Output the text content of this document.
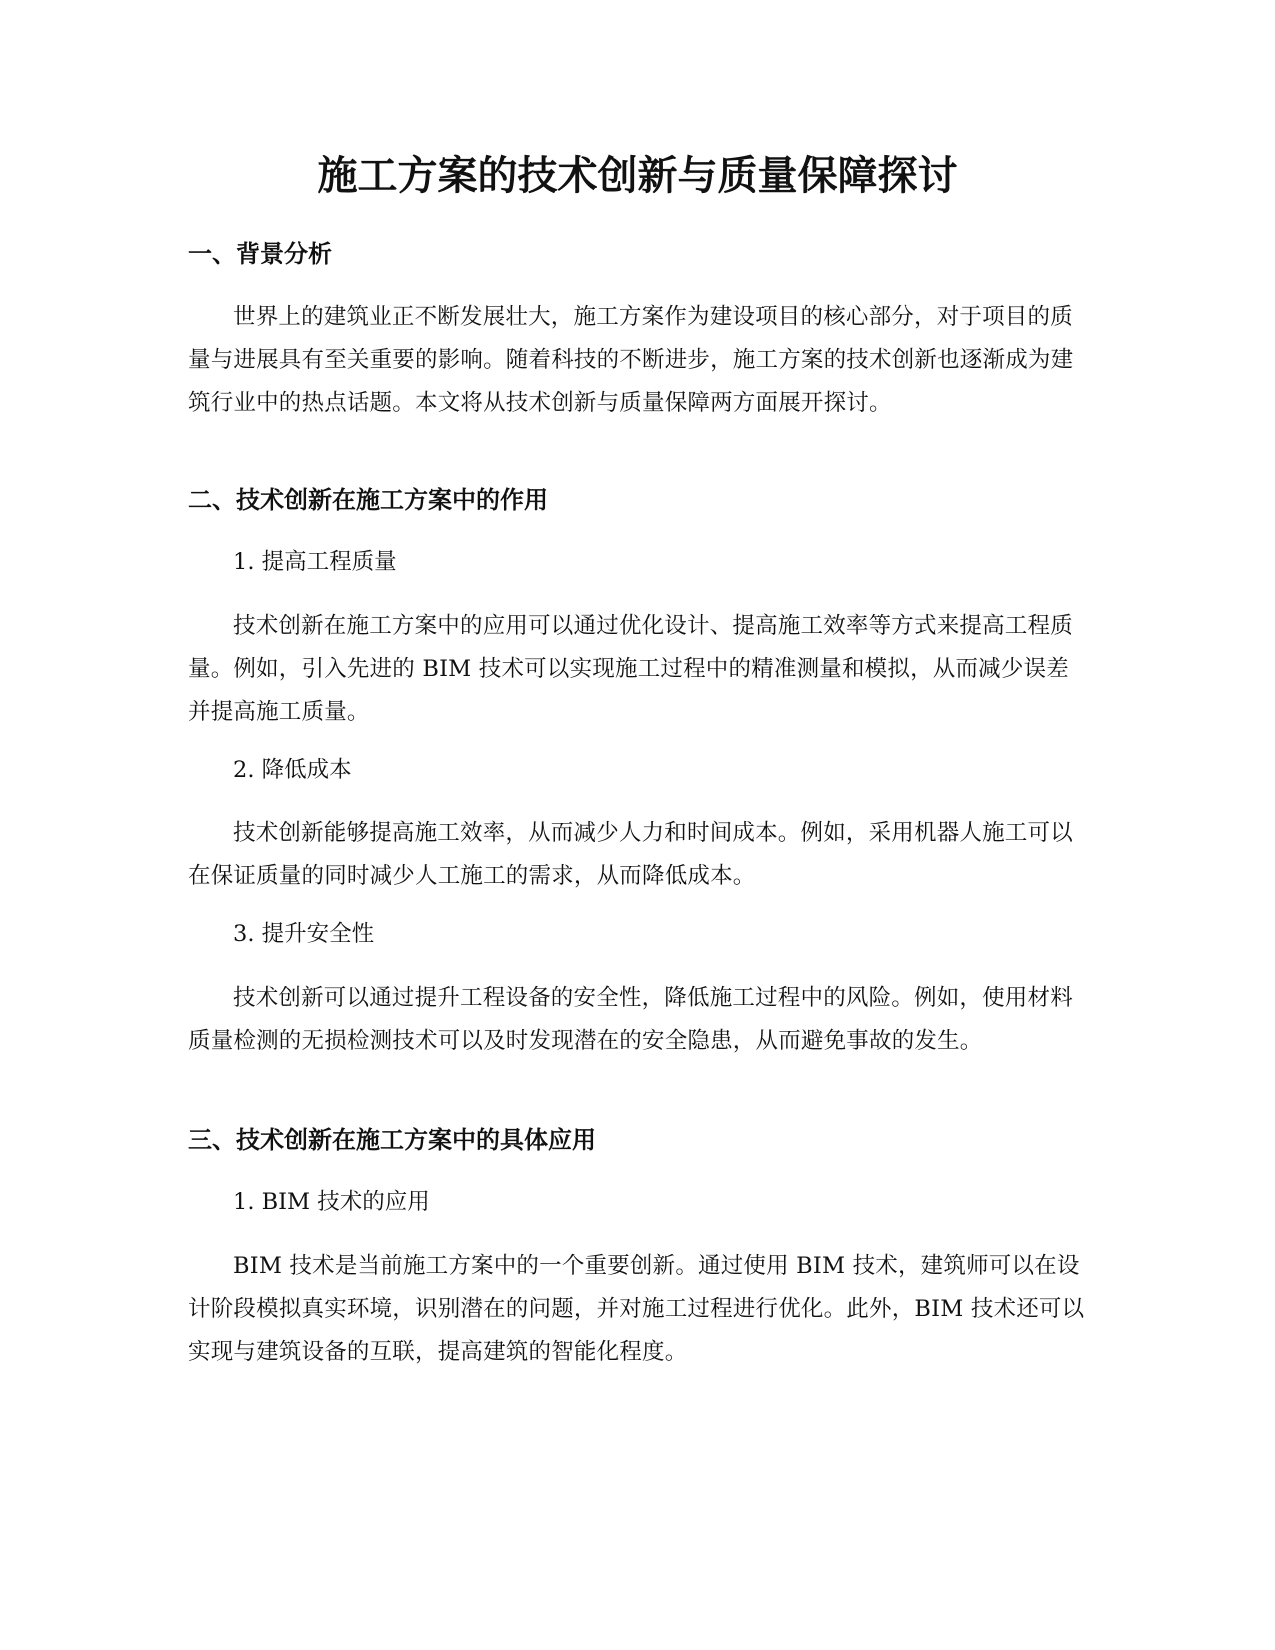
施工方案的技术创新与质量保障探讨
一、背景分析

世界上的建筑业正不断发展壮大，施工方案作为建设项目的核心部分，对于项目的质量与进展具有至关重要的影响。随着科技的不断进步，施工方案的技术创新也逐渐成为建筑行业中的热点话题。本文将从技术创新与质量保障两方面展开探讨。

二、技术创新在施工方案中的作用

1. 提高工程质量

技术创新在施工方案中的应用可以通过优化设计、提高施工效率等方式来提高工程质量。例如，引入先进的 BIM 技术可以实现施工过程中的精准测量和模拟，从而减少误差并提高施工质量。

2. 降低成本

技术创新能够提高施工效率，从而减少人力和时间成本。例如，采用机器人施工可以在保证质量的同时减少人工施工的需求，从而降低成本。

3. 提升安全性

技术创新可以通过提升工程设备的安全性，降低施工过程中的风险。例如，使用材料质量检测的无损检测技术可以及时发现潜在的安全隐患，从而避免事故的发生。

三、技术创新在施工方案中的具体应用

1. BIM 技术的应用

BIM 技术是当前施工方案中的一个重要创新。通过使用 BIM 技术，建筑师可以在设计阶段模拟真实环境，识别潜在的问题，并对施工过程进行优化。此外，BIM 技术还可以实现与建筑设备的互联，提高建筑的智能化程度。
